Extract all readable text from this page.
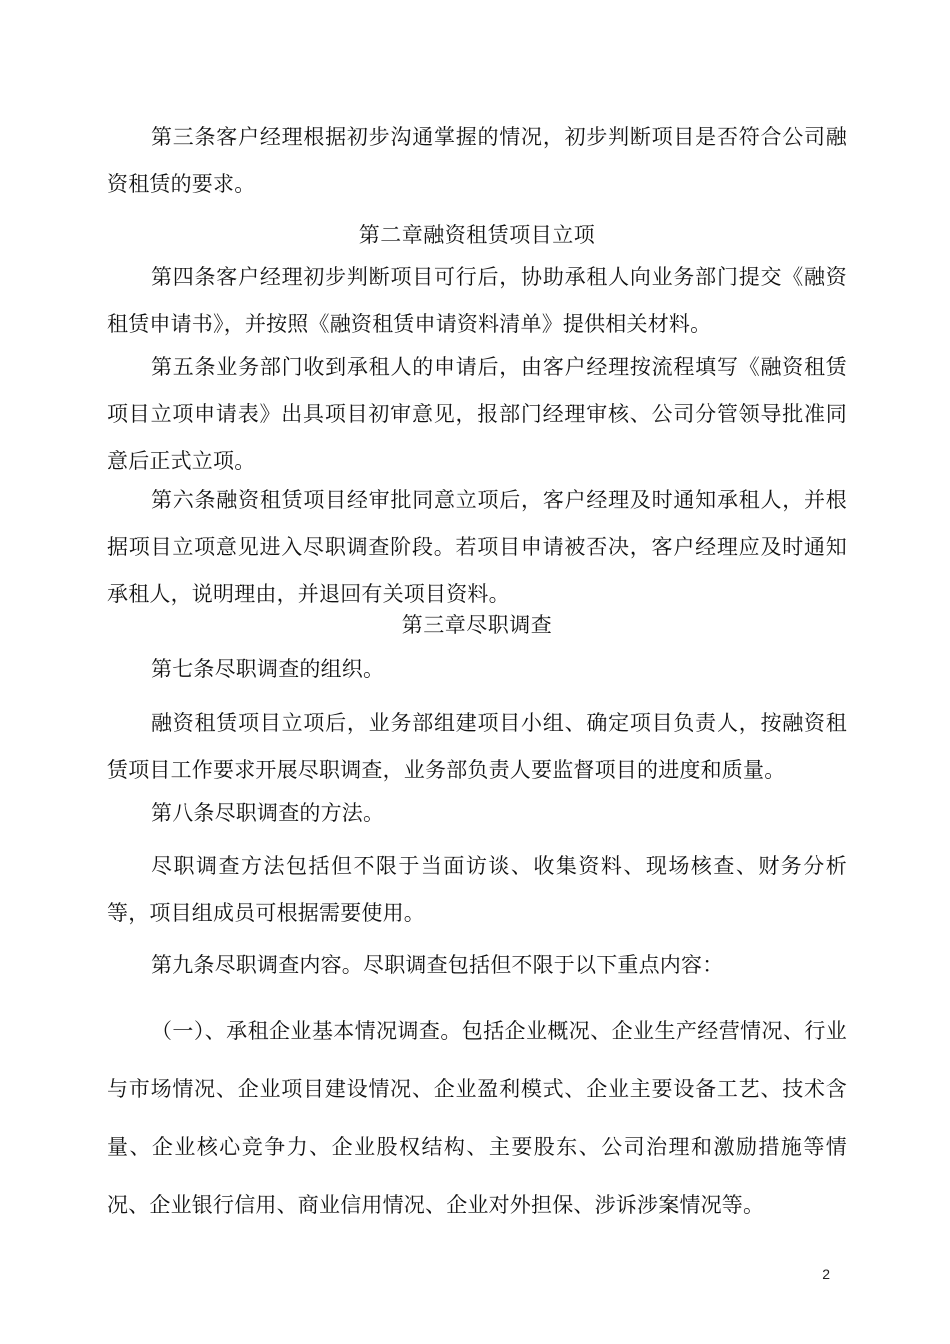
第三条客户经理根据初步沟通掌握的情况，初步判断项目是否符合公司融资租赁的要求。
第二章融资租赁项目立项
第四条客户经理初步判断项目可行后，协助承租人向业务部门提交《融资租赁申请书》，并按照《融资租赁申请资料清单》提供相关材料。
第五条业务部门收到承租人的申请后，由客户经理按流程填写《融资租赁项目立项申请表》出具项目初审意见，报部门经理审核、公司分管领导批准同意后正式立项。
第六条融资租赁项目经审批同意立项后，客户经理及时通知承租人，并根据项目立项意见进入尽职调查阶段。若项目申请被否决，客户经理应及时通知承租人，说明理由，并退回有关项目资料。
第三章尽职调查
第七条尽职调查的组织。
融资租赁项目立项后，业务部组建项目小组、确定项目负责人，按融资租赁项目工作要求开展尽职调查，业务部负责人要监督项目的进度和质量。
第八条尽职调查的方法。
尽职调查方法包括但不限于当面访谈、收集资料、现场核查、财务分析等，项目组成员可根据需要使用。
第九条尽职调查内容。尽职调查包括但不限于以下重点内容：
（一）、承租企业基本情况调查。包括企业概况、企业生产经营情况、行业与市场情况、企业项目建设情况、企业盈利模式、企业主要设备工艺、技术含量、企业核心竞争力、企业股权结构、主要股东、公司治理和激励措施等情况、企业银行信用、商业信用情况、企业对外担保、涉诉涉案情况等。
2
